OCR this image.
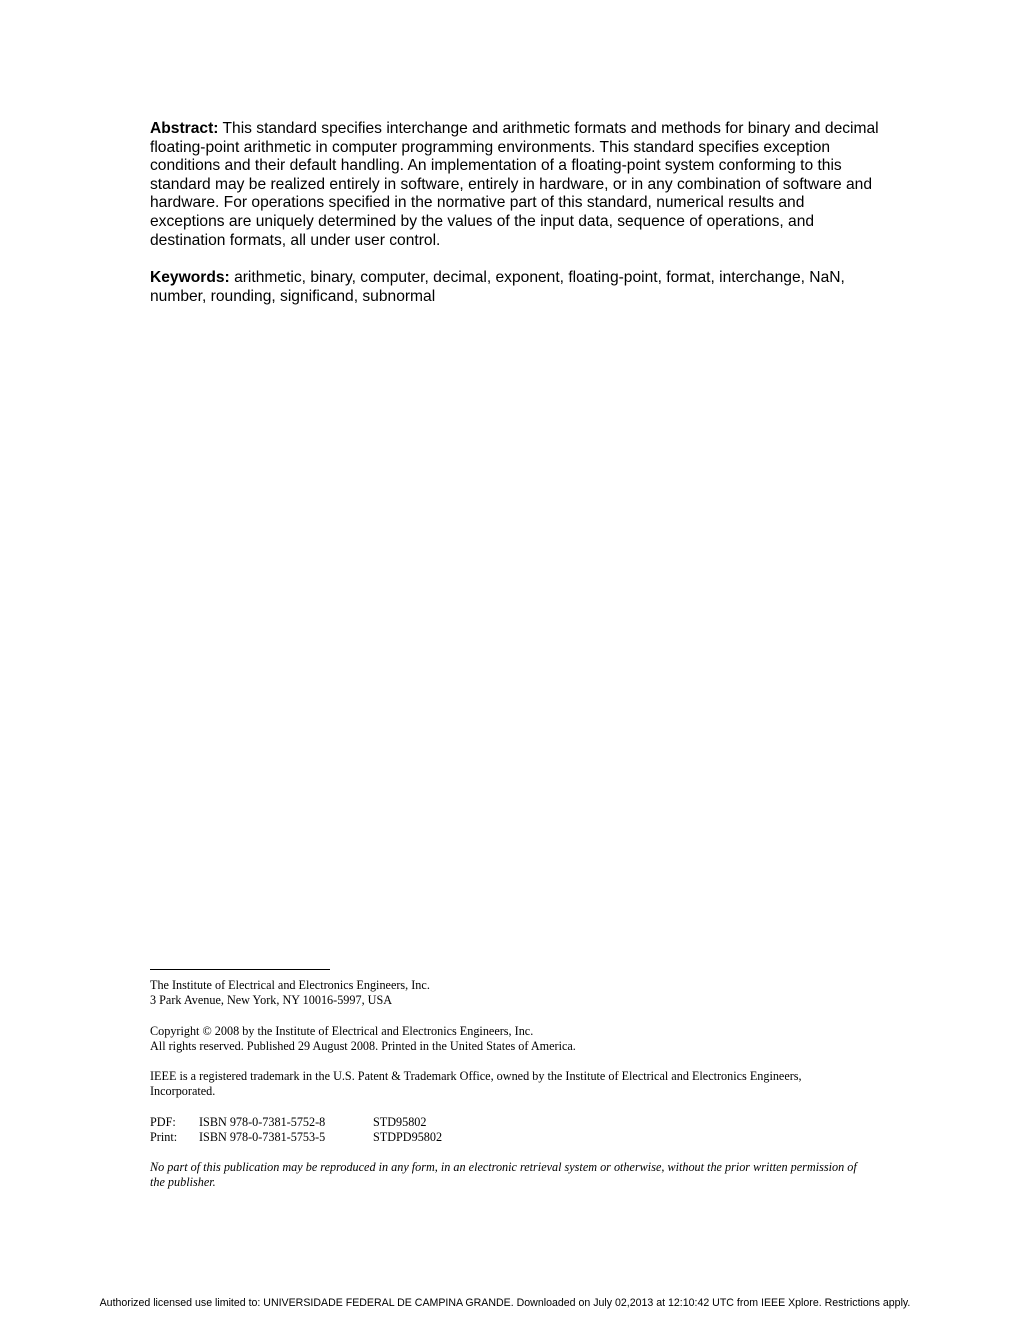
Abstract: This standard specifies interchange and arithmetic formats and methods for binary and decimal floating-point arithmetic in computer programming environments. This standard specifies exception conditions and their default handling. An implementation of a floating-point system conforming to this standard may be realized entirely in software, entirely in hardware, or in any combination of software and hardware. For operations specified in the normative part of this standard, numerical results and exceptions are uniquely determined by the values of the input data, sequence of operations, and destination formats, all under user control.

Keywords: arithmetic, binary, computer, decimal, exponent, floating-point, format, interchange, NaN, number, rounding, significand, subnormal

The Institute of Electrical and Electronics Engineers, Inc.
3 Park Avenue, New York, NY 10016-5997, USA
Copyright © 2008 by the Institute of Electrical and Electronics Engineers, Inc.
All rights reserved. Published 29 August 2008. Printed in the United States of America.
IEEE is a registered trademark in the U.S. Patent & Trademark Office, owned by the Institute of Electrical and Electronics Engineers, Incorporated.
PDF:	ISBN 978-0-7381-5752-8	STD95802
Print:	ISBN 978-0-7381-5753-5	STDPD95802
No part of this publication may be reproduced in any form, in an electronic retrieval system or otherwise, without the prior written permission of the publisher.
Authorized licensed use limited to: UNIVERSIDADE FEDERAL DE CAMPINA GRANDE. Downloaded on July 02,2013 at 12:10:42 UTC from IEEE Xplore. Restrictions apply.
